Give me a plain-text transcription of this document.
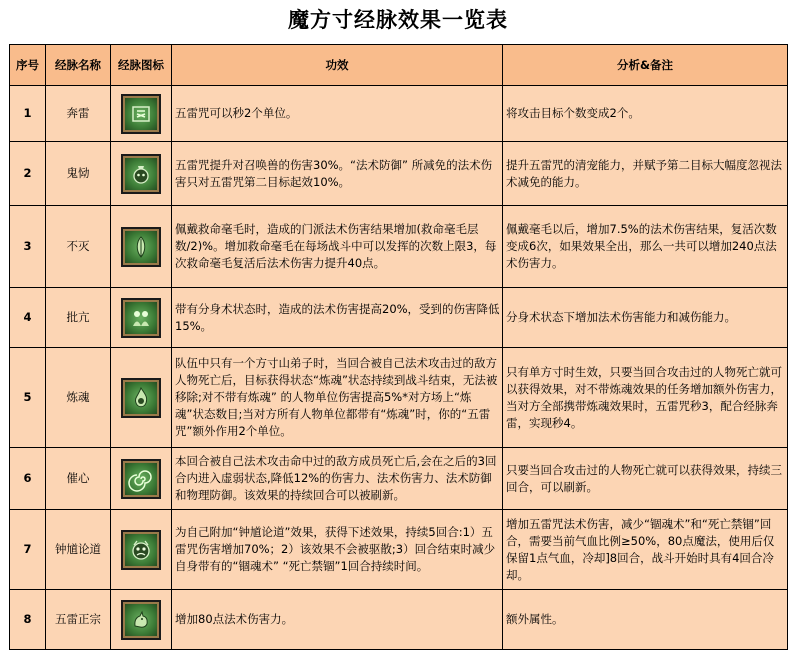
魔方寸经脉效果一览表
序号	经脉名称	经脉图标	功效	分析&备注
1	奔雷		五雷咒可以秒2个单位。	将攻击目标个数变成2个。
2	鬼恸		五雷咒提升对召唤兽的伤害30%。“法术防御” 所减免的法术伤害只对五雷咒第二目标起效10%。	提升五雷咒的清宠能力，并赋予第二目标大幅度忽视法术减免的能力。
3	不灭		佩戴救命毫毛时，造成的门派法术伤害结果增加(救命毫毛层数/2)%。增加救命毫毛在每场战斗中可以发挥的次数上限3，每次救命毫毛复活后法术伤害力提升40点。	佩戴毫毛以后，增加7.5%的法术伤害结果，复活次数变成6次，如果效果全出，那么一共可以增加240点法术伤害力。
4	批亢		带有分身术状态时，造成的法术伤害提高20%，受到的伤害降低15%。	分身术状态下增加法术伤害能力和减伤能力。
5	炼魂		队伍中只有一个方寸山弟子时，当回合被自己法术攻击过的敌方人物死亡后，目标获得状态“炼魂”状态持续到战斗结束，无法被移除;对不带有炼魂” 的人物单位伤害提高5%*对方场上“炼魂”状态数目;当对方所有人物单位都带有“炼魂”时，你的“五雷咒”额外作用2个单位。	只有单方寸时生效，只要当回合攻击过的人物死亡就可以获得效果，对不带炼魂效果的任务增加额外伤害力，当对方全部携带炼魂效果时，五雷咒秒3，配合经脉奔雷，实现秒4。
6	催心		本回合被自己法术攻击命中过的敌方成员死亡后,会在之后的3回合内进入虚弱状态,降低12%的伤害力、法术伤害力、法术防御和物理防御。该效果的持续回合可以被刷新。	只要当回合攻击过的人物死亡就可以获得效果，持续三回合，可以刷新。
7	钟馗论道		为自己附加“钟馗论道”效果，获得下述效果，持续5回合:1）五雷咒伤害增加70%；2）该效果不会被驱散;3）回合结束时减少自身带有的“锢魂术” “死亡禁锢”1回合持续时间。	增加五雷咒法术伤害，减少“锢魂术”和“死亡禁锢”回合，需要当前气血比例≥50%，80点魔法，使用后仅保留1点气血，冷却]8回合，战斗开始时具有4回合冷却。
8	五雷正宗		增加80点法术伤害力。	额外属性。
